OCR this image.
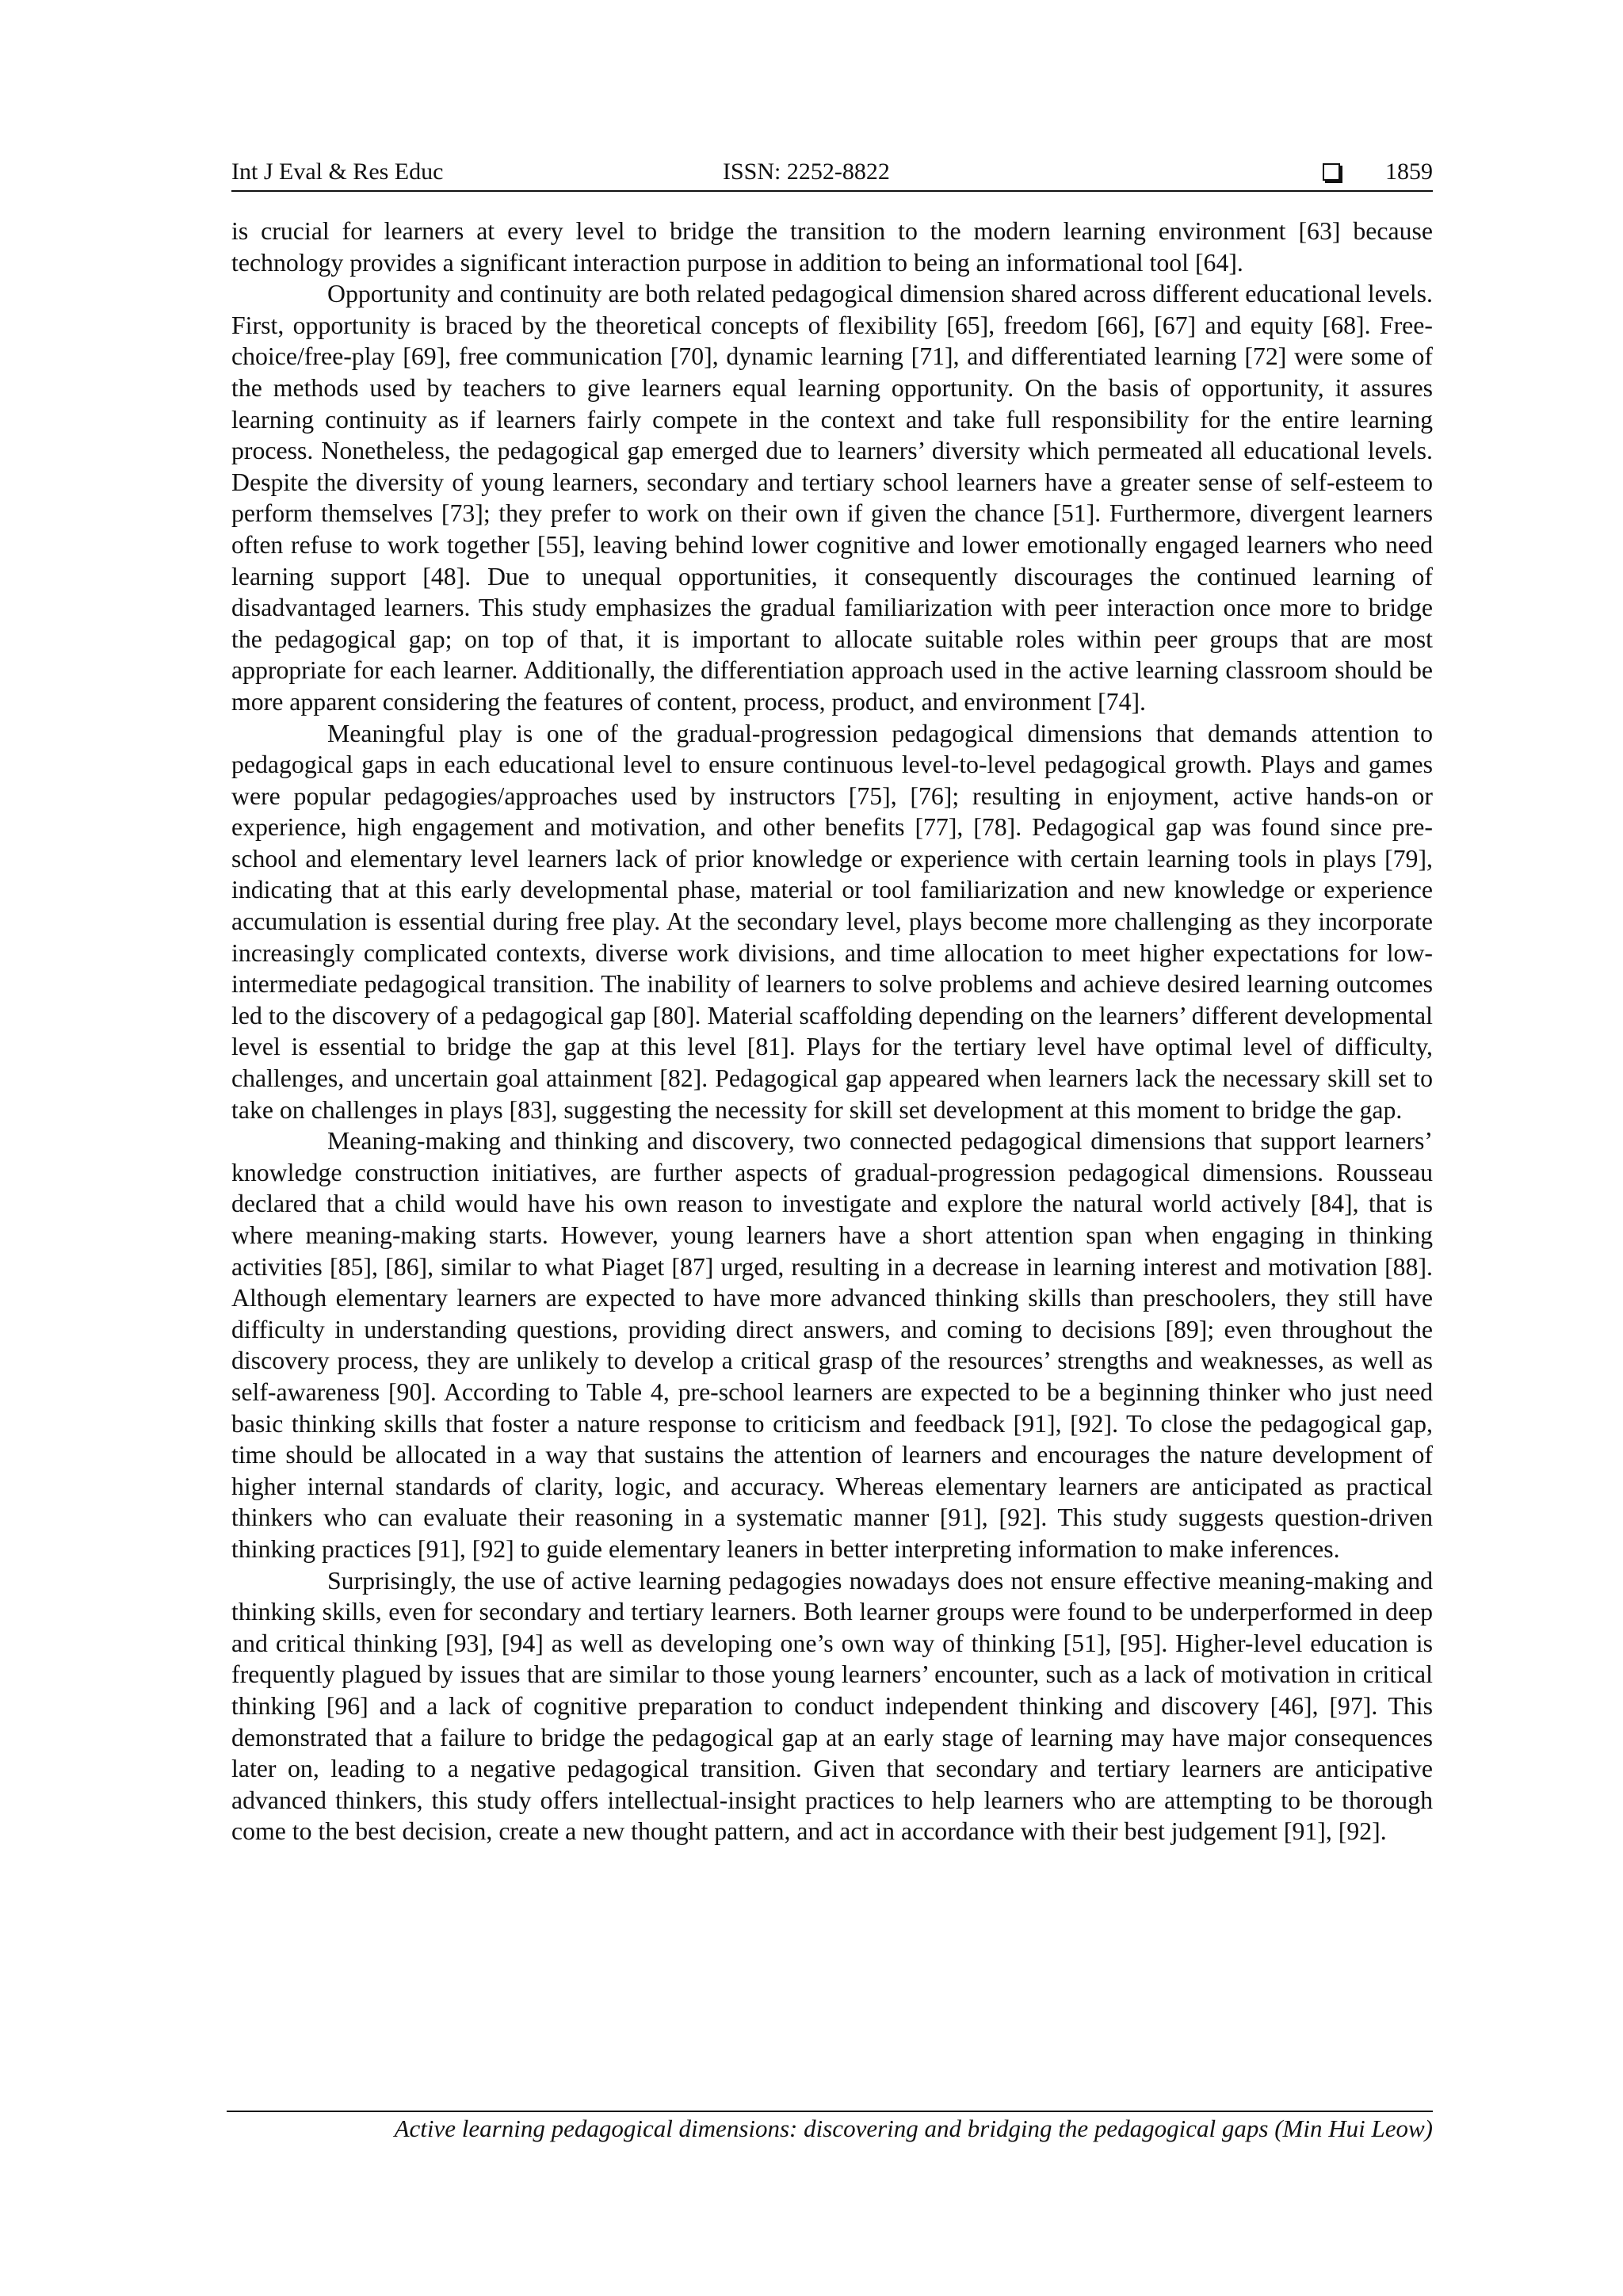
Int J Eval & Res Educ	ISSN: 2252-8822	1859

is crucial for learners at every level to bridge the transition to the modern learning environment [63] because technology provides a significant interaction purpose in addition to being an informational tool [64].

Opportunity and continuity are both related pedagogical dimension shared across different educational levels. First, opportunity is braced by the theoretical concepts of flexibility [65], freedom [66], [67] and equity [68]. Free-choice/free-play [69], free communication [70], dynamic learning [71], and differentiated learning [72] were some of the methods used by teachers to give learners equal learning opportunity. On the basis of opportunity, it assures learning continuity as if learners fairly compete in the context and take full responsibility for the entire learning process. Nonetheless, the pedagogical gap emerged due to learners’ diversity which permeated all educational levels. Despite the diversity of young learners, secondary and tertiary school learners have a greater sense of self-esteem to perform themselves [73]; they prefer to work on their own if given the chance [51]. Furthermore, divergent learners often refuse to work together [55], leaving behind lower cognitive and lower emotionally engaged learners who need learning support [48]. Due to unequal opportunities, it consequently discourages the continued learning of disadvantaged learners. This study emphasizes the gradual familiarization with peer interaction once more to bridge the pedagogical gap; on top of that, it is important to allocate suitable roles within peer groups that are most appropriate for each learner. Additionally, the differentiation approach used in the active learning classroom should be more apparent considering the features of content, process, product, and environment [74].

Meaningful play is one of the gradual-progression pedagogical dimensions that demands attention to pedagogical gaps in each educational level to ensure continuous level-to-level pedagogical growth. Plays and games were popular pedagogies/approaches used by instructors [75], [76]; resulting in enjoyment, active hands-on or experience, high engagement and motivation, and other benefits [77], [78]. Pedagogical gap was found since pre-school and elementary level learners lack of prior knowledge or experience with certain learning tools in plays [79], indicating that at this early developmental phase, material or tool familiarization and new knowledge or experience accumulation is essential during free play. At the secondary level, plays become more challenging as they incorporate increasingly complicated contexts, diverse work divisions, and time allocation to meet higher expectations for low-intermediate pedagogical transition. The inability of learners to solve problems and achieve desired learning outcomes led to the discovery of a pedagogical gap [80]. Material scaffolding depending on the learners’ different developmental level is essential to bridge the gap at this level [81]. Plays for the tertiary level have optimal level of difficulty, challenges, and uncertain goal attainment [82]. Pedagogical gap appeared when learners lack the necessary skill set to take on challenges in plays [83], suggesting the necessity for skill set development at this moment to bridge the gap.

Meaning-making and thinking and discovery, two connected pedagogical dimensions that support learners’ knowledge construction initiatives, are further aspects of gradual-progression pedagogical dimensions. Rousseau declared that a child would have his own reason to investigate and explore the natural world actively [84], that is where meaning-making starts. However, young learners have a short attention span when engaging in thinking activities [85], [86], similar to what Piaget [87] urged, resulting in a decrease in learning interest and motivation [88]. Although elementary learners are expected to have more advanced thinking skills than preschoolers, they still have difficulty in understanding questions, providing direct answers, and coming to decisions [89]; even throughout the discovery process, they are unlikely to develop a critical grasp of the resources’ strengths and weaknesses, as well as self-awareness [90]. According to Table 4, pre-school learners are expected to be a beginning thinker who just need basic thinking skills that foster a nature response to criticism and feedback [91], [92]. To close the pedagogical gap, time should be allocated in a way that sustains the attention of learners and encourages the nature development of higher internal standards of clarity, logic, and accuracy. Whereas elementary learners are anticipated as practical thinkers who can evaluate their reasoning in a systematic manner [91], [92]. This study suggests question-driven thinking practices [91], [92] to guide elementary leaners in better interpreting information to make inferences.

Surprisingly, the use of active learning pedagogies nowadays does not ensure effective meaning-making and thinking skills, even for secondary and tertiary learners. Both learner groups were found to be underperformed in deep and critical thinking [93], [94] as well as developing one’s own way of thinking [51], [95]. Higher-level education is frequently plagued by issues that are similar to those young learners’ encounter, such as a lack of motivation in critical thinking [96] and a lack of cognitive preparation to conduct independent thinking and discovery [46], [97]. This demonstrated that a failure to bridge the pedagogical gap at an early stage of learning may have major consequences later on, leading to a negative pedagogical transition. Given that secondary and tertiary learners are anticipative advanced thinkers, this study offers intellectual-insight practices to help learners who are attempting to be thorough come to the best decision, create a new thought pattern, and act in accordance with their best judgement [91], [92].

Active learning pedagogical dimensions: discovering and bridging the pedagogical gaps (Min Hui Leow)
